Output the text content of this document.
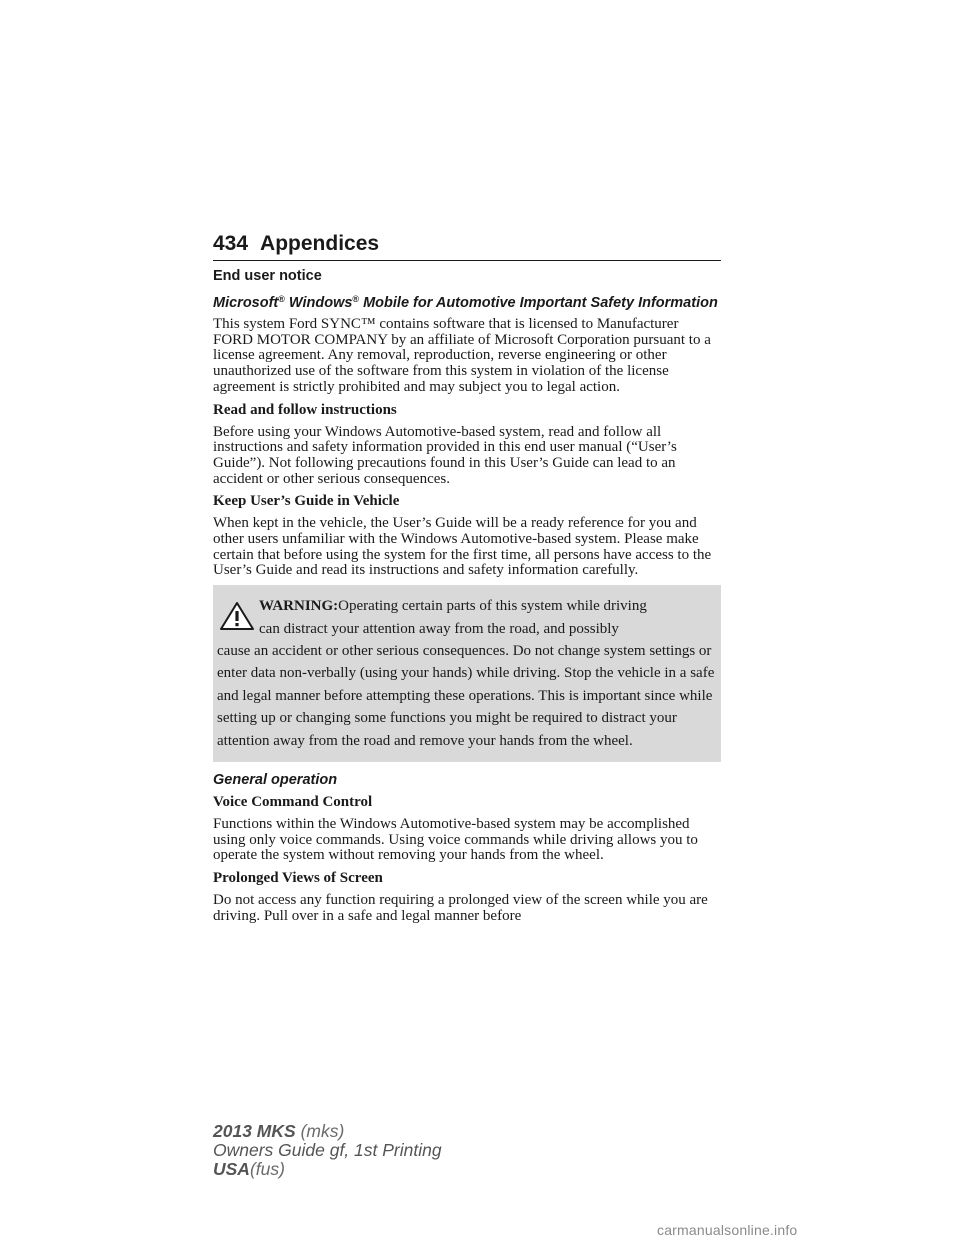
434 Appendices
End user notice
Microsoft® Windows® Mobile for Automotive Important Safety Information

This system Ford SYNC™ contains software that is licensed to Manufacturer FORD MOTOR COMPANY by an affiliate of Microsoft Corporation pursuant to a license agreement. Any removal, reproduction, reverse engineering or other unauthorized use of the software from this system in violation of the license agreement is strictly prohibited and may subject you to legal action.

Read and follow instructions

Before using your Windows Automotive-based system, read and follow all instructions and safety information provided in this end user manual (“User’s Guide”). Not following precautions found in this User’s Guide can lead to an accident or other serious consequences.

Keep User’s Guide in Vehicle

When kept in the vehicle, the User’s Guide will be a ready reference for you and other users unfamiliar with the Windows Automotive-based system. Please make certain that before using the system for the first time, all persons have access to the User’s Guide and read its instructions and safety information carefully.

WARNING:Operating certain parts of this system while driving
can distract your attention away from the road, and possibly
cause an accident or other serious consequences. Do not change system settings or enter data non-verbally (using your hands) while driving. Stop the vehicle in a safe and legal manner before attempting these operations. This is important since while setting up or changing some functions you might be required to distract your attention away from the road and remove your hands from the wheel.
General operation
Voice Command Control

Functions within the Windows Automotive-based system may be accomplished using only voice commands. Using voice commands while driving allows you to operate the system without removing your hands from the wheel.

Prolonged Views of Screen

Do not access any function requiring a prolonged view of the screen while you are driving. Pull over in a safe and legal manner before

2013 MKS (mks)
Owners Guide gf, 1st Printing
USA(fus)
carmanualsonline.info
